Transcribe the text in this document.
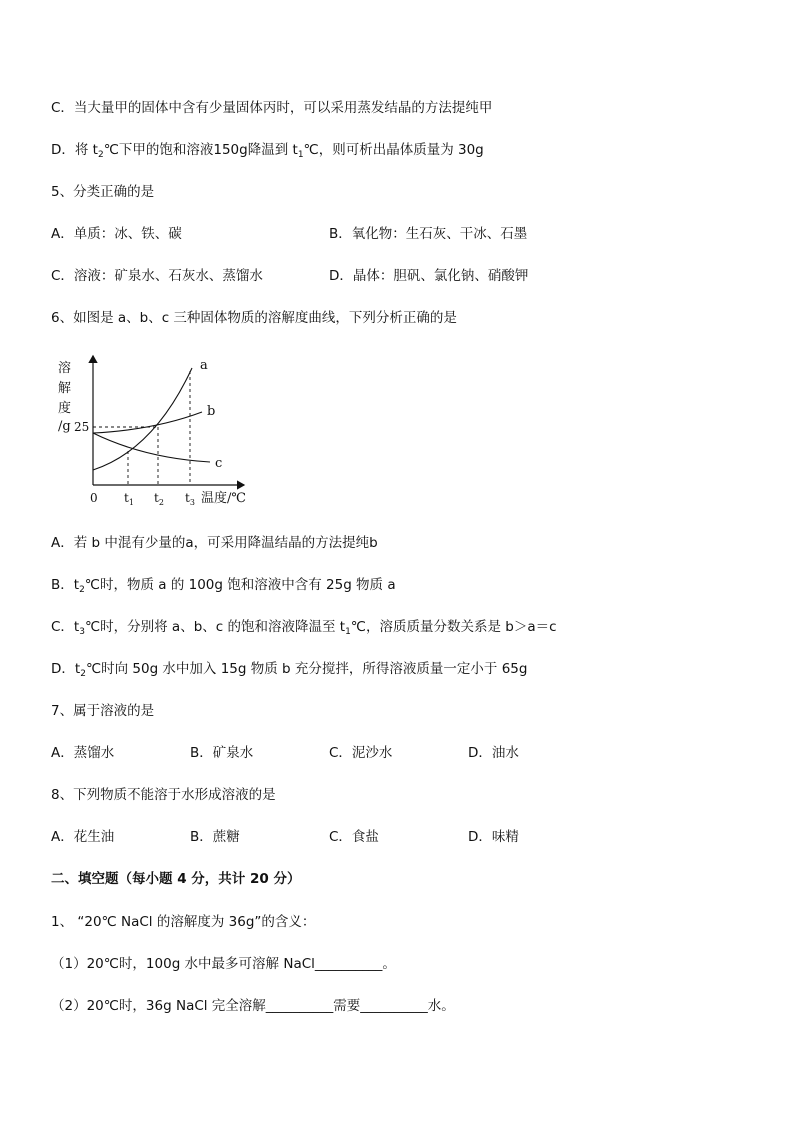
C．当大量甲的固体中含有少量固体丙时，可以采用蒸发结晶的方法提纯甲
D．将 $t_2℃$下甲的饱和溶液150g降温到 $t_1℃$，则可析出晶体质量为 30g
5、分类正确的是
A．单质：冰、铁、碳	B．氧化物：生石灰、干冰、石墨
C．溶液：矿泉水、石灰水、蒸馏水	D．晶体：胆矾、氯化钠、硝酸钾
6、如图是 a、b、c 三种固体物质的溶解度曲线，下列分析正确的是
溶
解
度
/g
a
b
c
25
0 $t_1$ $t_2$ $t_3$ 温度/℃
A．若 b 中混有少量的a，可采用降温结晶的方法提纯b
B．$t_2℃$时，物质 a 的 100g 饱和溶液中含有 25g 物质 a
C．$t_3℃$时，分别将 a、b、c 的饱和溶液降温至 $t_1℃$，溶质质量分数关系是 b＞a＝c
D．$t_2℃$时向 50g 水中加入 15g 物质 b 充分搅拌，所得溶液质量一定小于 65g
7、属于溶液的是
A．蒸馏水	B．矿泉水	C．泥沙水	D．油水
8、下列物质不能溶于水形成溶液的是
A．花生油	B．蔗糖	C．食盐	D．味精
二、填空题（每小题 4 分，共计 20 分）
1、 “20℃ NaCl 的溶解度为 36g”的含义：
（1）20℃时，100g 水中最多可溶解 NaCl__________。
（2）20℃时，36g NaCl 完全溶解__________需要__________水。
